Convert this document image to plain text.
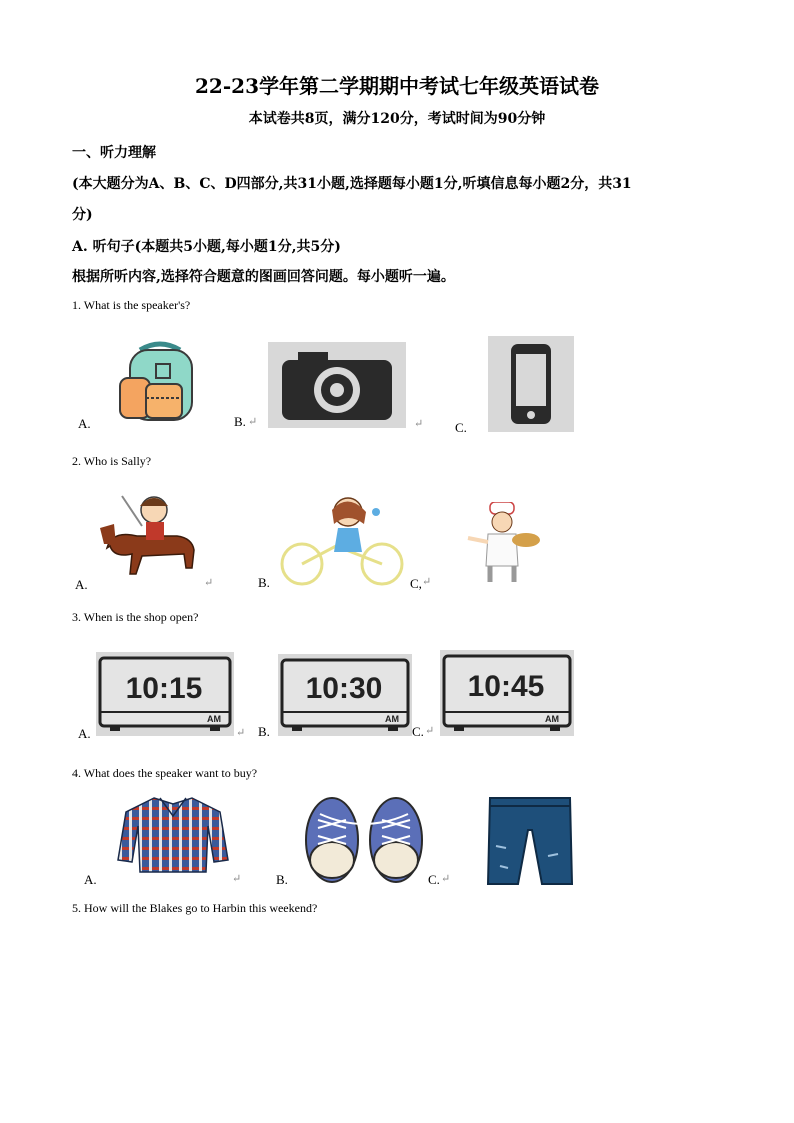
22-23学年第二学期期中考试七年级英语试卷
本试卷共8页，满分120分，考试时间为90分钟
一、听力理解
(本大题分为A、B、C、D四部分,共31小题,选择题每小题1分,听填信息每小题2分，共31
分)
A. 听句子(本题共5小题,每小题1分,共5分)
根据所听内容,选择符合题意的图画回答问题。每小题听一遍。
1. What is the speaker's?
A.	B. ↵	↵ C.
2. Who is Sally?
A.	↵	B.	C, ↵
3. When is the shop open?
10:15
AM
A.	↵
10:30
AM
B.
10:45
AM
C. ↵
4. What does the speaker want to buy?
A.	↵	B.	C. ↵
5. How will the Blakes go to Harbin this weekend?
